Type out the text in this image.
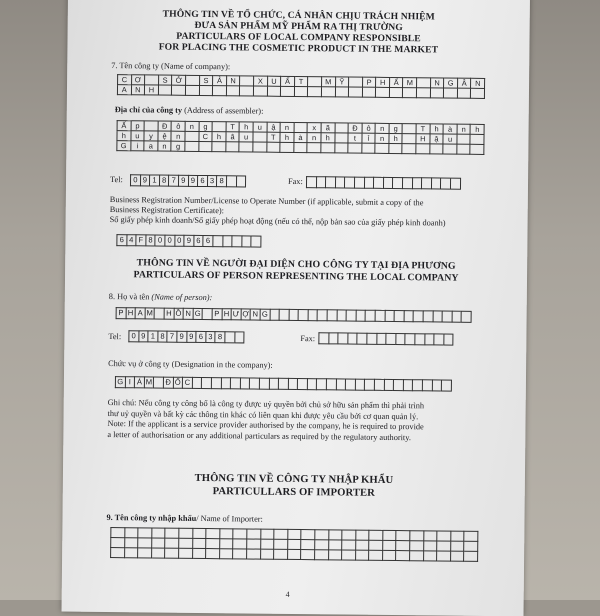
THÔNG TIN VỀ TỔ CHỨC, CÁ NHÂN CHỊU TRÁCH NHIỆM
ĐƯA SẢN PHẨM MỸ PHẨM RA THỊ TRƯỜNG
PARTICULARS OF LOCAL COMPANY RESPONSIBLE
FOR PLACING THE COSMETIC PRODUCT IN THE MARKET
7. Tên công ty (Name of company):
C	Ơ		S	Ở		S	Ả	N		X	U	Ấ	T		M	Ỹ		P	H	Ẩ	M		N	G	Â	N
A	N	H																								
Địa chỉ của công ty (Address of assembler):
Ấ	p		Đ	ô	n	g		T	h	u	ậ	n		x	ã		Đ	ô	n	g		T	h	à	n	h
h	u	y	ệ	n		C	h	â	u		T	h	à	n	h		t	ỉ	n	h		H	ậ	u		
G	i	a	n	g																						
Tel:	0 9 1 8 7 9 9 6 3 8	Fax:
Business Registration Number/License to Operate Number (if applicable, submit a copy of the
Business Registration Certificate):
Số giấy phép kinh doanh/Số giấy phép hoạt động (nếu có thể, nộp bản sao của giấy phép kinh doanh)
6 4 F 8 0 0 0 9 6 6
THÔNG TIN VỀ NGƯỜI ĐẠI DIỆN CHO CÔNG TY TẠI ĐỊA PHƯƠNG
PARTICULARS OF PERSON REPRESENTING THE LOCAL COMPANY
8. Họ và tên (Name of person):
P H A M	H Ồ N G	P H Ư Ợ N G
Tel:	0 9 1 8 7 9 9 6 3 8	Fax:
Chức vụ ở công ty (Designation in the company):
G I Á M	Đ Ố C
Ghi chú: Nếu công ty công bố là công ty được uỷ quyền bởi chủ sở hữu sản phẩm thì phải trình
thư uỷ quyền và bất kỳ các thông tin khác có liên quan khi được yêu cầu bởi cơ quan quản lý.
Note: If the applicant is a service provider authorised by the company, he is required to provide
a letter of authorisation or any additional particulars as required by the regulatory authority.
THÔNG TIN VỀ CÔNG TY NHẬP KHẨU
PARTICULLARS OF IMPORTER
9. Tên công ty nhập khẩu/ Name of Importer:

4
